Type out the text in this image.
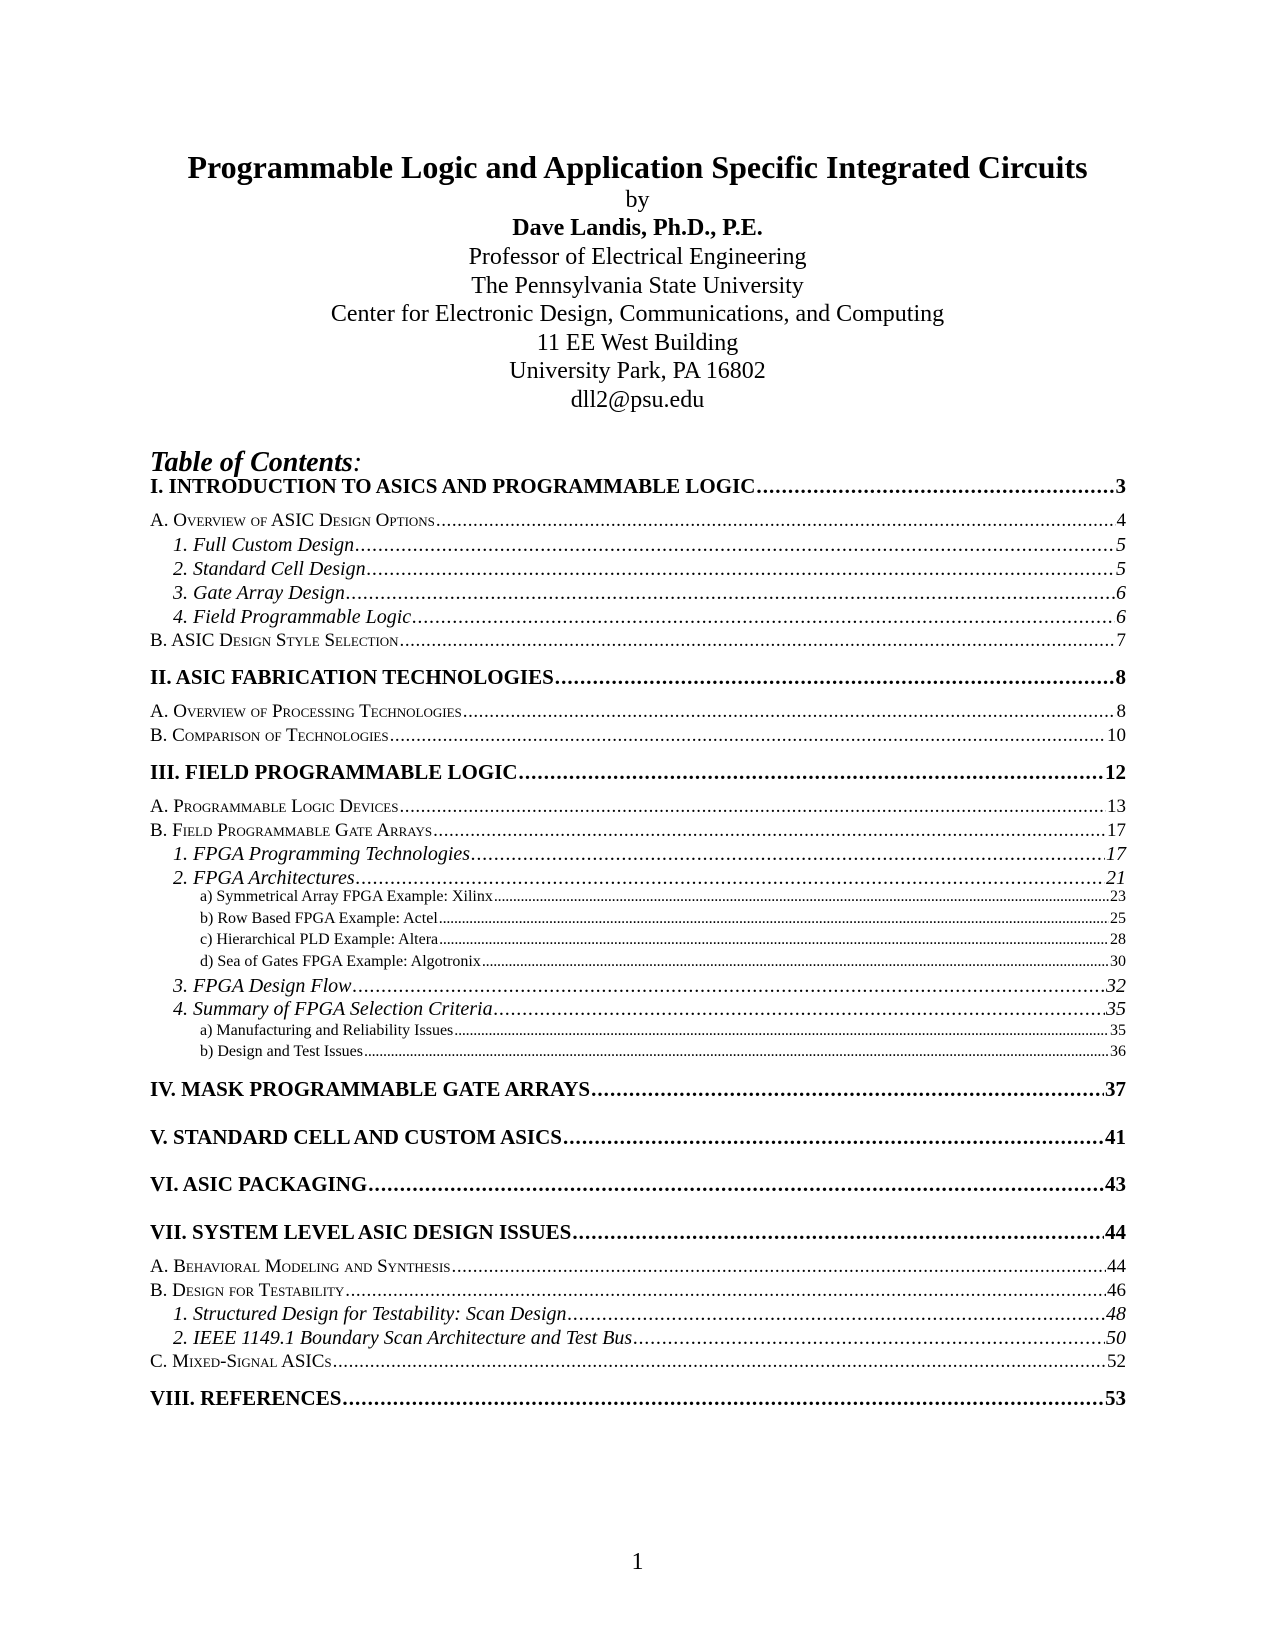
Programmable Logic and Application Specific Integrated Circuits
by
Dave Landis, Ph.D., P.E.
Professor of Electrical Engineering
The Pennsylvania State University
Center for Electronic Design, Communications, and Computing
11 EE West Building
University Park, PA 16802
dll2@psu.edu
Table of Contents:
I. INTRODUCTION TO ASICS AND PROGRAMMABLE LOGIC . . .	3
A. Overview of ASIC Design Options . . .	4
1. Full Custom Design . . .	5
2. Standard Cell Design . . .	5
3. Gate Array Design . . .	6
4. Field Programmable Logic . . .	6
B. ASIC Design Style Selection . . .	7
II. ASIC FABRICATION TECHNOLOGIES . . .	8
A. Overview of Processing Technologies . . .	8
B. Comparison of Technologies . . .	10
III. FIELD PROGRAMMABLE LOGIC . . .	12
A. Programmable Logic Devices . . .	13
B. Field Programmable Gate Arrays . . .	17
1. FPGA Programming Technologies . . .	17
2. FPGA Architectures . . .	21
a) Symmetrical Array FPGA Example: Xilinx . . .	23
b) Row Based FPGA Example: Actel . . .	25
c) Hierarchical PLD Example: Altera . . .	28
d) Sea of Gates FPGA Example: Algotronix . . .	30
3. FPGA Design Flow . . .	32
4. Summary of FPGA Selection Criteria . . .	35
a) Manufacturing and Reliability Issues . . .	35
b) Design and Test Issues . . .	36
IV. MASK PROGRAMMABLE GATE ARRAYS . . .	37
V. STANDARD CELL AND CUSTOM ASICS . . .	41
VI. ASIC PACKAGING . . .	43
VII. SYSTEM LEVEL ASIC DESIGN ISSUES . . .	44
A. Behavioral Modeling and Synthesis . . .	44
B. Design for Testability . . .	46
1. Structured Design for Testability: Scan Design . . .	48
2. IEEE 1149.1 Boundary Scan Architecture and Test Bus . . .	50
C. Mixed-Signal ASICs . . .	52
VIII. REFERENCES . . .	53
1
